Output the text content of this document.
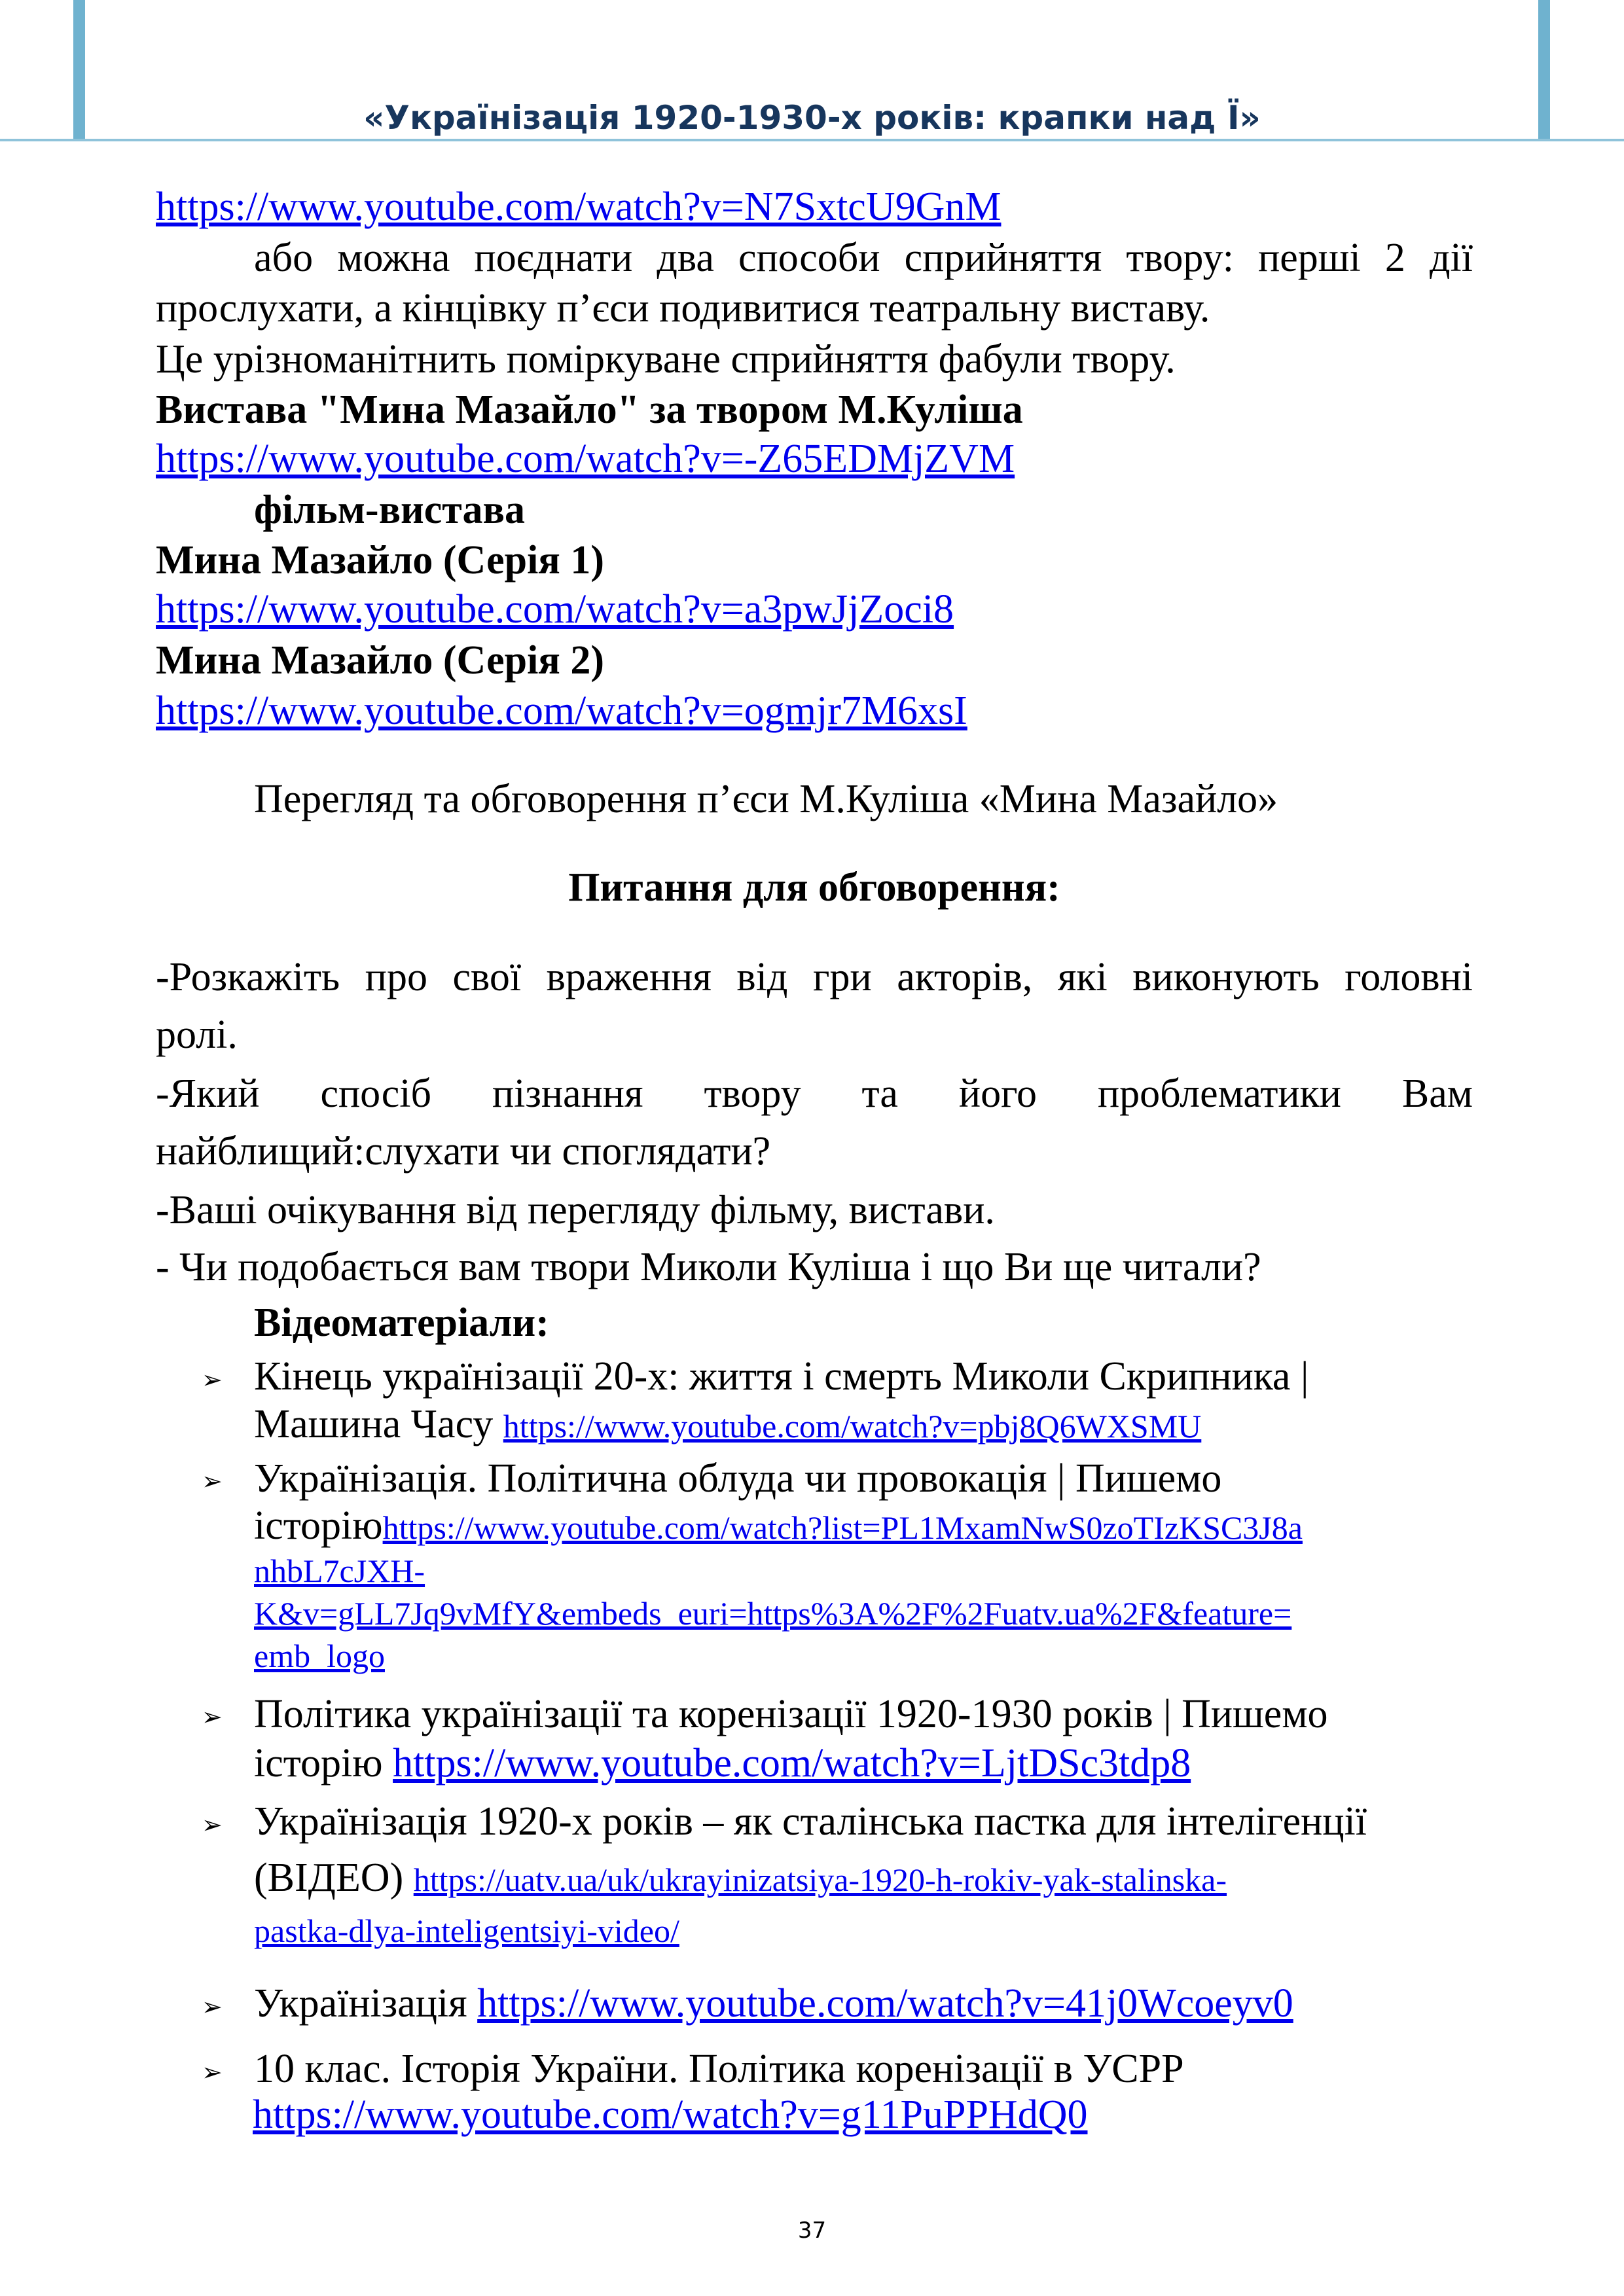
«Українізація 1920-1930-х років: крапки над Ї»
https://www.youtube.com/watch?v=N7SxtcU9GnM
або можна поєднати два способи сприйняття твору: перші 2 дії
прослухати, а кінцівку п’єси подивитися театральну виставу.
Це урізноманітнить поміркуване сприйняття фабули твору.
Вистава "Мина Мазайло" за твором М.Куліша
https://www.youtube.com/watch?v=-Z65EDMjZVM
фільм-вистава
Мина Мазайло (Серія 1)
https://www.youtube.com/watch?v=a3pwJjZoci8
Мина Мазайло (Серія 2)
https://www.youtube.com/watch?v=ogmjr7M6xsI
Перегляд та обговорення п’єси М.Куліша «Мина Мазайло»
Питання для обговорення:
-Розкажіть про свої враження від гри акторів, які виконують головні
ролі.
-Який спосіб пізнання твору та його проблематики Вам
найблищий:слухати чи споглядати?
-Ваші очікування від перегляду фільму, вистави.
- Чи подобається вам твори Миколи Куліша і що Ви ще читали?
Відеоматеріали:
➢ Кінець українізації 20-х: життя і смерть Миколи Скрипника |
Машина Часу https://www.youtube.com/watch?v=pbj8Q6WXSMU
➢ Українізація. Політична облуда чи провокація | Пишемо
історіюhttps://www.youtube.com/watch?list=PL1MxamNwS0zoTIzKSC3J8a
nhbL7cJXH-
K&v=gLL7Jq9vMfY&embeds_euri=https%3A%2F%2Fuatv.ua%2F&feature=
emb_logo
➢ Політика українізації та коренізації 1920-1930 років | Пишемо
історію https://www.youtube.com/watch?v=LjtDSc3tdp8
➢ Українізація 1920-х років – як сталінська пастка для інтелігенції
(ВІДЕО) https://uatv.ua/uk/ukrayinizatsiya-1920-h-rokiv-yak-stalinska-
pastka-dlya-inteligentsiyi-video/
➢ Українізація https://www.youtube.com/watch?v=41j0Wcoeyv0
➢ 10 клас. Історія України. Політика коренізації в УСРР
https://www.youtube.com/watch?v=g11PuPPHdQ0
37
